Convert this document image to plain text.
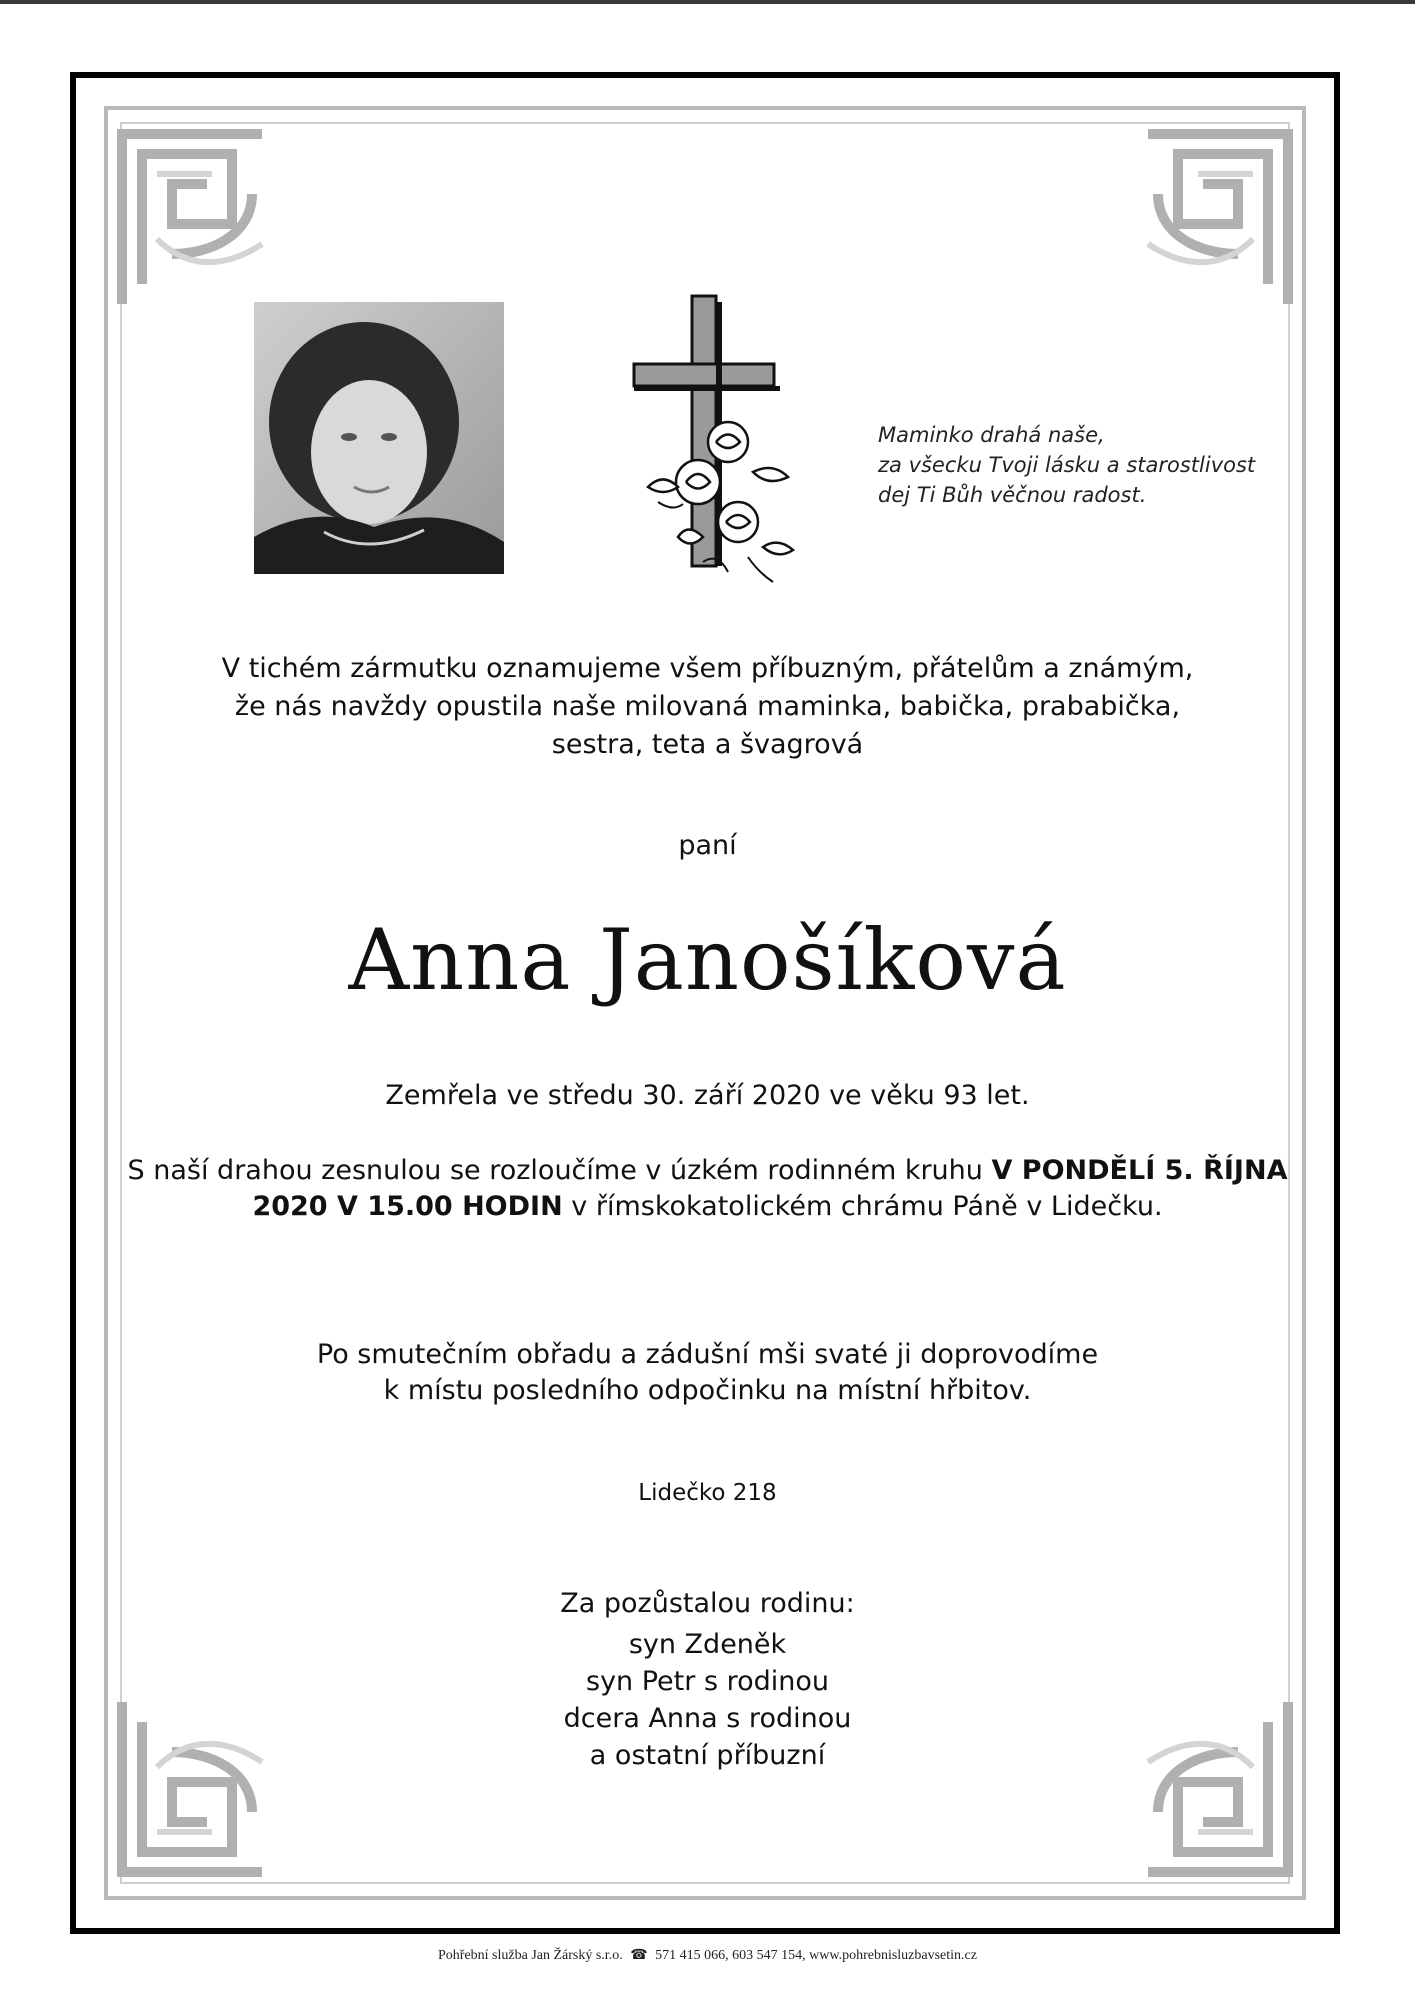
Maminko drahá naše,
za všecku Tvoji lásku a starostlivost
dej Ti Bůh věčnou radost.
V tichém zármutku oznamujeme všem příbuzným, přátelům a známým,
že nás navždy opustila naše milovaná maminka, babička, prababička,
sestra, teta a švagrová
paní
Anna Janošíková
Zemřela ve středu 30. září 2020 ve věku 93 let.
S naší drahou zesnulou se rozloučíme v úzkém rodinném kruhu V PONDĚLÍ 5. ŘÍJNA 2020 V 15.00 HODIN v římskokatolickém chrámu Páně v Lidečku.
Po smutečním obřadu a zádušní mši svaté ji doprovodíme
k místu posledního odpočinku na místní hřbitov.
Lidečko 218
Za pozůstalou rodinu:
syn Zdeněk
syn Petr s rodinou
dcera Anna s rodinou
a ostatní příbuzní
Pohřební služba Jan Žárský s.r.o. ☎ 571 415 066, 603 547 154, www.pohrebnisluzbavsetin.cz
